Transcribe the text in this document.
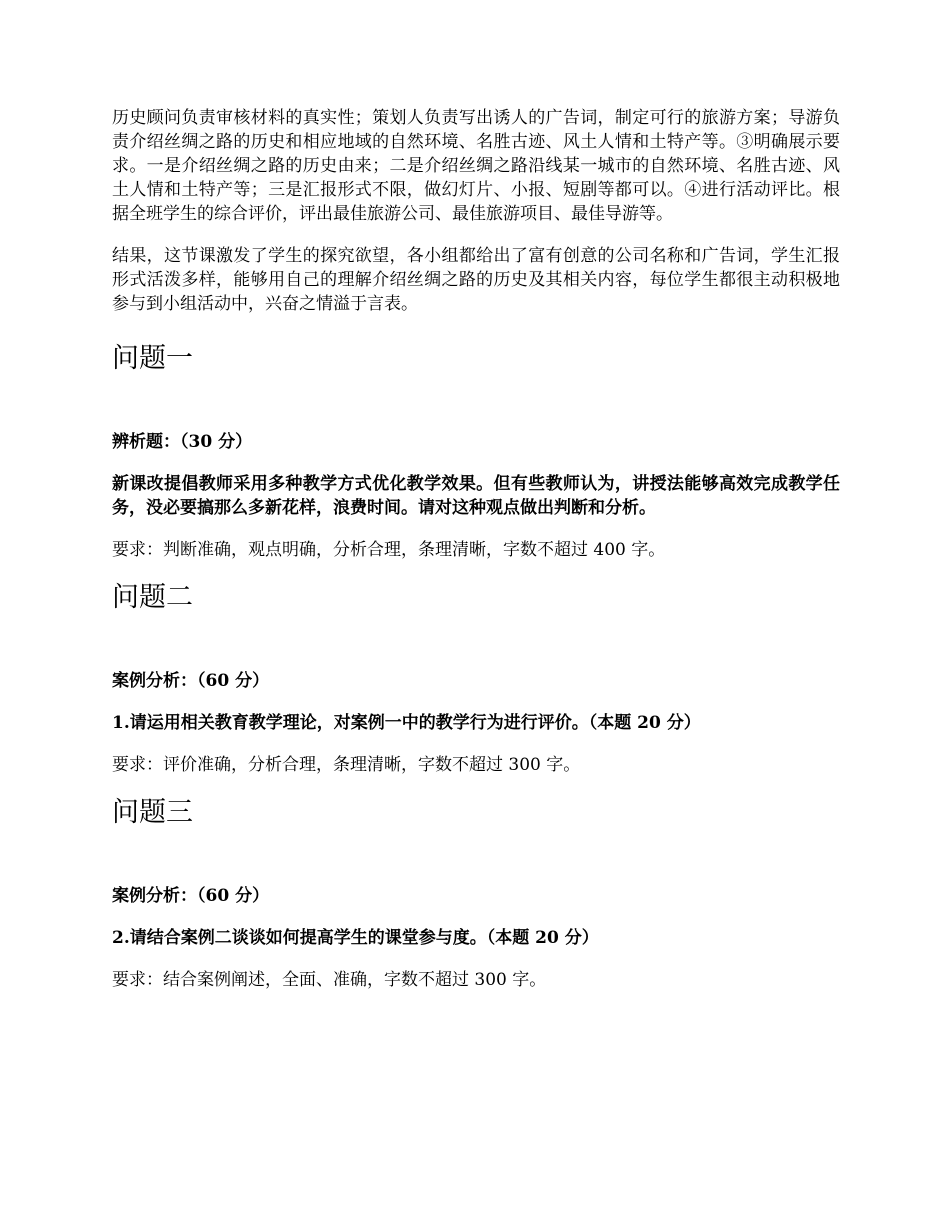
历史顾问负责审核材料的真实性；策划人负责写出诱人的广告词，制定可行的旅游方案；导游负责介绍丝绸之路的历史和相应地域的自然环境、名胜古迹、风土人情和土特产等。③明确展示要求。一是介绍丝绸之路的历史由来；二是介绍丝绸之路沿线某一城市的自然环境、名胜古迹、风土人情和土特产等；三是汇报形式不限，做幻灯片、小报、短剧等都可以。④进行活动评比。根据全班学生的综合评价，评出最佳旅游公司、最佳旅游项目、最佳导游等。

结果，这节课激发了学生的探究欲望，各小组都给出了富有创意的公司名称和广告词，学生汇报形式活泼多样，能够用自己的理解介绍丝绸之路的历史及其相关内容，每位学生都很主动积极地参与到小组活动中，兴奋之情溢于言表。

问题一

辨析题：（30 分）

新课改提倡教师采用多种教学方式优化教学效果。但有些教师认为，讲授法能够高效完成教学任务，没必要搞那么多新花样，浪费时间。请对这种观点做出判断和分析。

要求：判断准确，观点明确，分析合理，条理清晰，字数不超过 400 字。

问题二

案例分析：（60 分）

1.请运用相关教育教学理论，对案例一中的教学行为进行评价。（本题 20 分）

要求：评价准确，分析合理，条理清晰，字数不超过 300 字。

问题三

案例分析：（60 分）

2.请结合案例二谈谈如何提高学生的课堂参与度。（本题 20 分）

要求：结合案例阐述，全面、准确，字数不超过 300 字。
